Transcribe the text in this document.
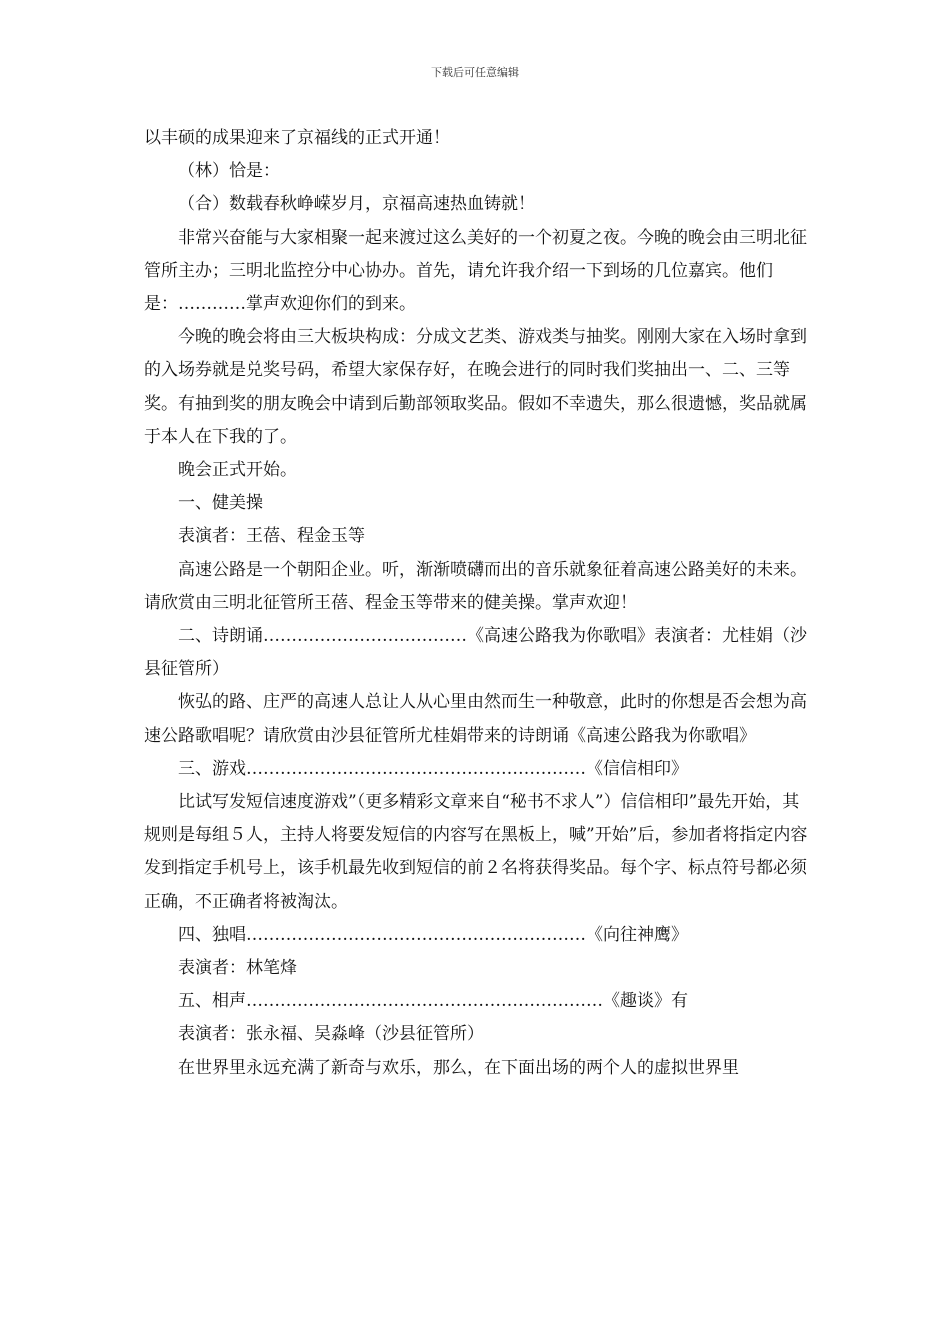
下载后可任意编辑

以丰硕的成果迎来了京福线的正式开通！

（林）恰是：

（合）数载春秋峥嵘岁月，京福高速热血铸就！

非常兴奋能与大家相聚一起来渡过这么美好的一个初夏之夜。今晚的晚会由三明北征管所主办；三明北监控分中心协办。首先，请允许我介绍一下到场的几位嘉宾。他们是：…………掌声欢迎你们的到来。

今晚的晚会将由三大板块构成：分成文艺类、游戏类与抽奖。刚刚大家在入场时拿到的入场券就是兑奖号码，希望大家保存好，在晚会进行的同时我们奖抽出一、二、三等奖。有抽到奖的朋友晚会中请到后勤部领取奖品。假如不幸遗失，那么很遗憾，奖品就属于本人在下我的了。

晚会正式开始。

一、健美操

表演者：王蓓、程金玉等

高速公路是一个朝阳企业。听，渐渐喷礴而出的音乐就象征着高速公路美好的未来。请欣赏由三明北征管所王蓓、程金玉等带来的健美操。掌声欢迎！

二、诗朗诵………………………………《高速公路我为你歌唱》表演者：尤桂娟（沙县征管所）

恢弘的路、庄严的高速人总让人从心里由然而生一种敬意，此时的你想是否会想为高速公路歌唱呢？请欣赏由沙县征管所尤桂娟带来的诗朗诵《高速公路我为你歌唱》

三、游戏……………………………………………………《信信相印》

比试写发短信速度游戏”（更多精彩文章来自“秘书不求人”）信信相印”最先开始，其规则是每组５人，主持人将要发短信的内容写在黑板上，喊”开始”后，参加者将指定内容发到指定手机号上，该手机最先收到短信的前２名将获得奖品。每个字、标点符号都必须正确，不正确者将被淘汰。

四、独唱……………………………………………………《向往神鹰》

表演者：林笔烽

五、相声………………………………………………………《趣谈》有

表演者：张永福、吴淼峰（沙县征管所）

在世界里永远充满了新奇与欢乐，那么，在下面出场的两个人的虚拟世界里
